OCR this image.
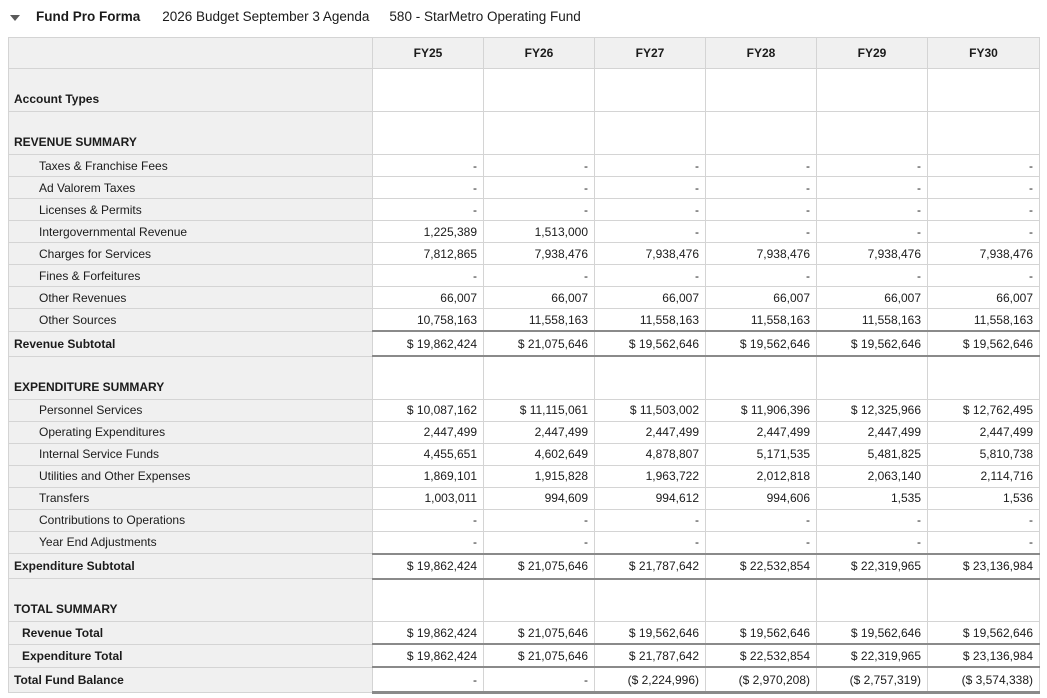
Fund Pro Forma 2026 Budget September 3 Agenda 580 - StarMetro Operating Fund
	FY25	FY26	FY27	FY28	FY29	FY30
Account Types						
REVENUE SUMMARY						
Taxes & Franchise Fees	-	-	-	-	-	-
Ad Valorem Taxes	-	-	-	-	-	-
Licenses & Permits	-	-	-	-	-	-
Intergovernmental Revenue	1,225,389	1,513,000	-	-	-	-
Charges for Services	7,812,865	7,938,476	7,938,476	7,938,476	7,938,476	7,938,476
Fines & Forfeitures	-	-	-	-	-	-
Other Revenues	66,007	66,007	66,007	66,007	66,007	66,007
Other Sources	10,758,163	11,558,163	11,558,163	11,558,163	11,558,163	11,558,163
Revenue Subtotal	$ 19,862,424	$ 21,075,646	$ 19,562,646	$ 19,562,646	$ 19,562,646	$ 19,562,646
EXPENDITURE SUMMARY						
Personnel Services	$ 10,087,162	$ 11,115,061	$ 11,503,002	$ 11,906,396	$ 12,325,966	$ 12,762,495
Operating Expenditures	2,447,499	2,447,499	2,447,499	2,447,499	2,447,499	2,447,499
Internal Service Funds	4,455,651	4,602,649	4,878,807	5,171,535	5,481,825	5,810,738
Utilities and Other Expenses	1,869,101	1,915,828	1,963,722	2,012,818	2,063,140	2,114,716
Transfers	1,003,011	994,609	994,612	994,606	1,535	1,536
Contributions to Operations	-	-	-	-	-	-
Year End Adjustments	-	-	-	-	-	-
Expenditure Subtotal	$ 19,862,424	$ 21,075,646	$ 21,787,642	$ 22,532,854	$ 22,319,965	$ 23,136,984
TOTAL SUMMARY						
Revenue Total	$ 19,862,424	$ 21,075,646	$ 19,562,646	$ 19,562,646	$ 19,562,646	$ 19,562,646
Expenditure Total	$ 19,862,424	$ 21,075,646	$ 21,787,642	$ 22,532,854	$ 22,319,965	$ 23,136,984
Total Fund Balance	-	-	($ 2,224,996)	($ 2,970,208)	($ 2,757,319)	($ 3,574,338)
